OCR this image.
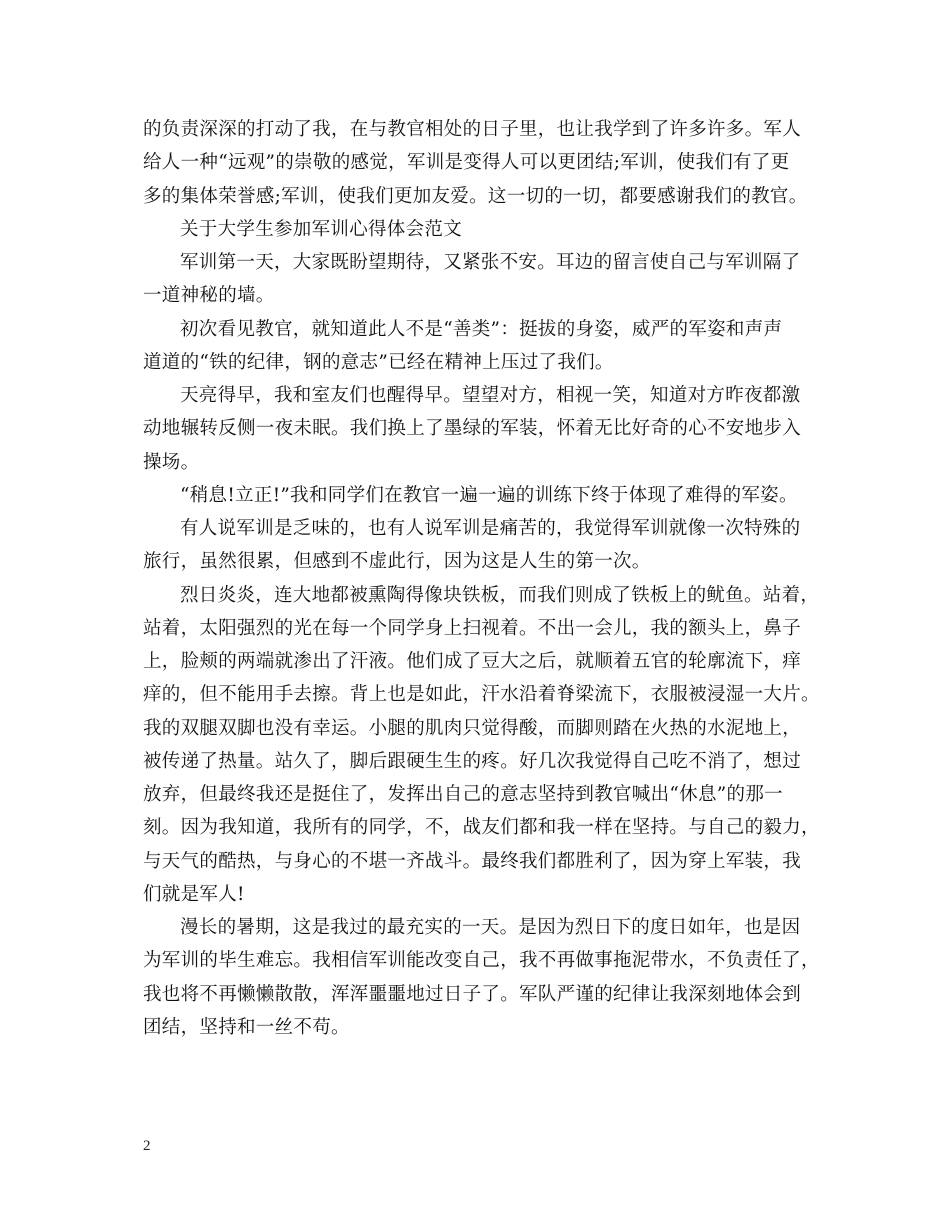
的负责深深的打动了我，在与教官相处的日子里，也让我学到了许多许多。军人
给人一种“远观”的崇敬的感觉，军训是变得人可以更团结;军训，使我们有了更
多的集体荣誉感;军训，使我们更加友爱。这一切的一切，都要感谢我们的教官。
关于大学生参加军训心得体会范文
军训第一天，大家既盼望期待，又紧张不安。耳边的留言使自己与军训隔了
一道神秘的墙。
初次看见教官，就知道此人不是“善类”：挺拔的身姿，威严的军姿和声声
道道的“铁的纪律，钢的意志”已经在精神上压过了我们。
天亮得早，我和室友们也醒得早。望望对方，相视一笑，知道对方昨夜都激
动地辗转反侧一夜未眠。我们换上了墨绿的军装，怀着无比好奇的心不安地步入
操场。
“稍息!立正!”我和同学们在教官一遍一遍的训练下终于体现了难得的军姿。
有人说军训是乏味的，也有人说军训是痛苦的，我觉得军训就像一次特殊的
旅行，虽然很累，但感到不虚此行，因为这是人生的第一次。
烈日炎炎，连大地都被熏陶得像块铁板，而我们则成了铁板上的鱿鱼。站着，
站着，太阳强烈的光在每一个同学身上扫视着。不出一会儿，我的额头上，鼻子
上，脸颊的两端就渗出了汗液。他们成了豆大之后，就顺着五官的轮廓流下，痒
痒的，但不能用手去擦。背上也是如此，汗水沿着脊梁流下，衣服被浸湿一大片。
我的双腿双脚也没有幸运。小腿的肌肉只觉得酸，而脚则踏在火热的水泥地上，
被传递了热量。站久了，脚后跟硬生生的疼。好几次我觉得自己吃不消了，想过
放弃，但最终我还是挺住了，发挥出自己的意志坚持到教官喊出“休息”的那一
刻。因为我知道，我所有的同学，不，战友们都和我一样在坚持。与自己的毅力，
与天气的酷热，与身心的不堪一齐战斗。最终我们都胜利了，因为穿上军装，我
们就是军人!
漫长的暑期，这是我过的最充实的一天。是因为烈日下的度日如年，也是因
为军训的毕生难忘。我相信军训能改变自己，我不再做事拖泥带水，不负责任了，
我也将不再懒懒散散，浑浑噩噩地过日子了。军队严谨的纪律让我深刻地体会到
团结，坚持和一丝不苟。
2
